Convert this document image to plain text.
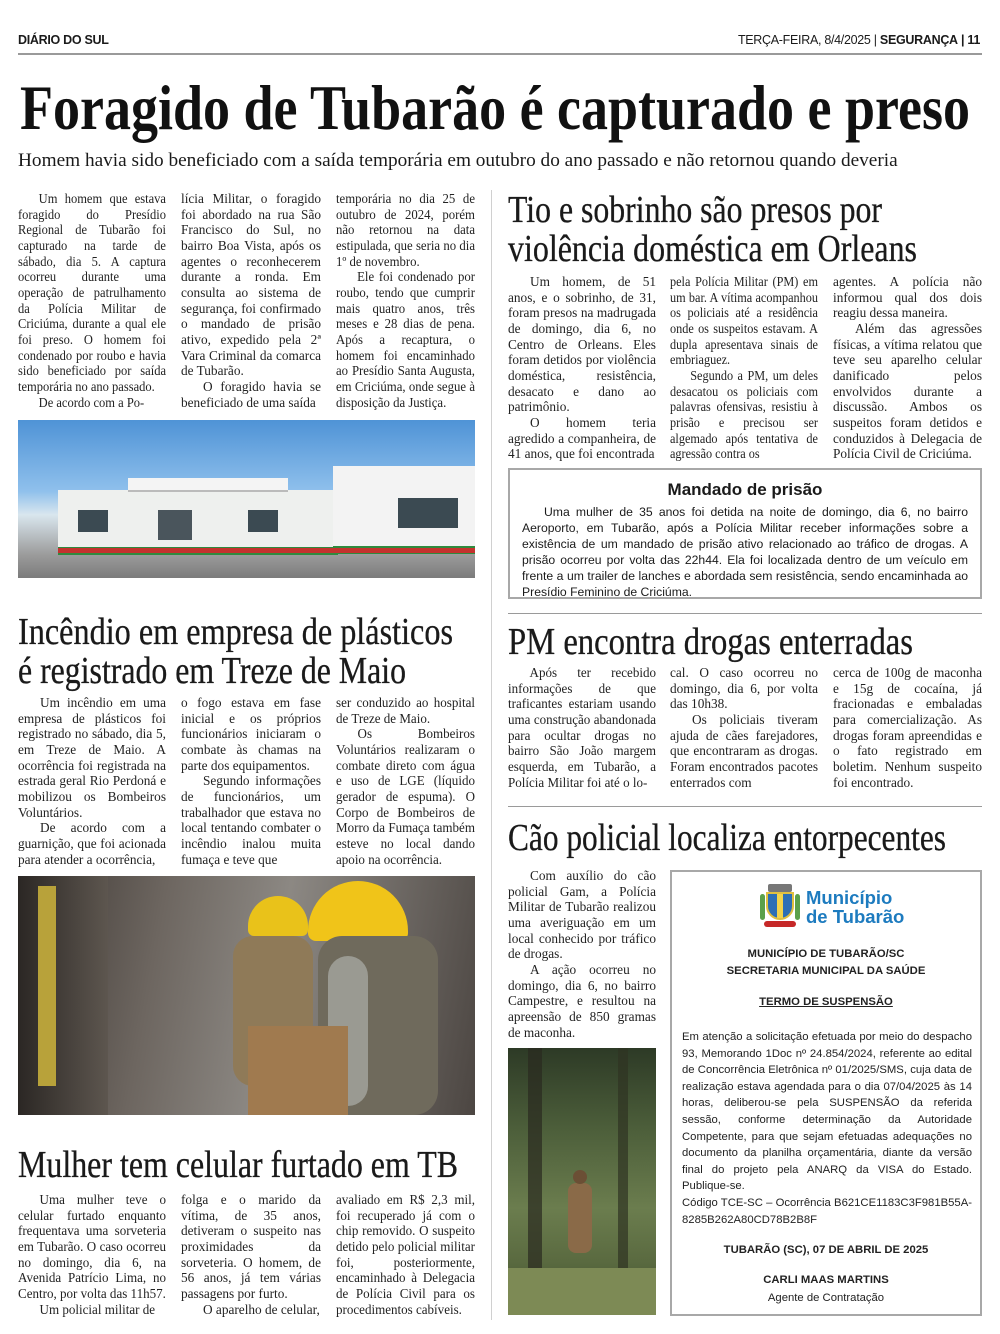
DIÁRIO DO SUL	TERÇA-FEIRA, 8/4/2025 | SEGURANÇA | 11
Foragido de Tubarão é capturado e preso
Homem havia sido beneficiado com a saída temporária em outubro do ano passado e não retornou quando deveria

Um homem que estava foragido do Presídio Regional de Tubarão foi capturado na tarde de sábado, dia 5. A captura ocorreu durante uma operação de patrulhamento da Polícia Militar de Criciúma, durante a qual ele foi preso. O homem foi condenado por roubo e havia sido beneficiado por saída temporária no ano passado.

De acordo com a Po-

lícia Militar, o foragido foi abordado na rua São Francisco do Sul, no bairro Boa Vista, após os agentes o reconhecerem durante a ronda. Em consulta ao sistema de segurança, foi confirmado o mandado de prisão ativo, expedido pela 2ª Vara Criminal da comarca de Tubarão.

O foragido havia se beneficiado de uma saída

temporária no dia 25 de outubro de 2024, porém não retornou na data estipulada, que seria no dia 1º de novembro.

Ele foi condenado por roubo, tendo que cumprir mais quatro anos, três meses e 28 dias de pena. Após a recaptura, o homem foi encaminhado ao Presídio Santa Augusta, em Criciúma, onde segue à disposição da Justiça.

Tio e sobrinho são presos por
violência doméstica em Orleans

Um homem, de 51 anos, e o sobrinho, de 31, foram presos na madrugada de domingo, dia 6, no Centro de Orleans. Eles foram detidos por violência doméstica, resistência, desacato e dano ao patrimônio.

O homem teria agredido a companheira, de 41 anos, que foi encontrada

pela Polícia Militar (PM) em um bar. A vítima acompanhou os policiais até a residência onde os suspeitos estavam. A dupla apresentava sinais de embriaguez.

Segundo a PM, um deles desacatou os policiais com palavras ofensivas, resistiu à prisão e precisou ser algemado após tentativa de agressão contra os

agentes. A polícia não informou qual dos dois reagiu dessa maneira.

Além das agressões físicas, a vítima relatou que teve seu aparelho celular danificado pelos envolvidos durante a discussão. Ambos os suspeitos foram detidos e conduzidos à Delegacia de Polícia Civil de Criciúma.

Mandado de prisão
Uma mulher de 35 anos foi detida na noite de domingo, dia 6, no bairro Aeroporto, em Tubarão, após a Polícia Militar receber informações sobre a existência de um mandado de prisão ativo relacionado ao tráfico de drogas. A prisão ocorreu por volta das 22h44. Ela foi localizada dentro de um veículo em frente a um trailer de lanches e abordada sem resistência, sendo encaminhada ao Presídio Feminino de Criciúma.
Incêndio em empresa de plásticos
é registrado em Treze de Maio

Um incêndio em uma empresa de plásticos foi registrado no sábado, dia 5, em Treze de Maio. A ocorrência foi registrada na estrada geral Rio Perdoná e mobilizou os Bombeiros Voluntários.

De acordo com a guarnição, que foi acionada para atender a ocorrência,

o fogo estava em fase inicial e os próprios funcionários iniciaram o combate às chamas na parte dos equipamentos.

Segundo informações de funcionários, um trabalhador que estava no local tentando combater o incêndio inalou muita fumaça e teve que

ser conduzido ao hospital de Treze de Maio.

Os Bombeiros Voluntários realizaram o combate direto com água e uso de LGE (líquido gerador de espuma). O Corpo de Bombeiros de Morro da Fumaça também esteve no local dando apoio na ocorrência.

Mulher tem celular furtado em TB

Uma mulher teve o celular furtado enquanto frequentava uma sorveteria em Tubarão. O caso ocorreu no domingo, dia 6, na Avenida Patrício Lima, no Centro, por volta das 11h57.

Um policial militar de

folga e o marido da vítima, de 35 anos, detiveram o suspeito nas proximidades da sorveteria. O homem, de 56 anos, já tem várias passagens por furto.

O aparelho de celular,

avaliado em R$ 2,3 mil, foi recuperado já com o chip removido. O suspeito detido pelo policial militar foi, posteriormente, encaminhado à Delegacia de Polícia Civil para os procedimentos cabíveis.

PM encontra drogas enterradas

Após ter recebido informações de que traficantes estariam usando uma construção abandonada para ocultar drogas no bairro São João margem esquerda, em Tubarão, a Polícia Militar foi até o lo-

cal. O caso ocorreu no domingo, dia 6, por volta das 10h38.

Os policiais tiveram ajuda de cães farejadores, que encontraram as drogas. Foram encontrados pacotes enterrados com

cerca de 100g de maconha e 15g de cocaína, já fracionadas e embaladas para comercialização. As drogas foram apreendidas e o fato registrado em boletim. Nenhum suspeito foi encontrado.

Cão policial localiza entorpecentes

Com auxílio do cão policial Gam, a Polícia Militar de Tubarão realizou uma averiguação em um local conhecido por tráfico de drogas.

A ação ocorreu no domingo, dia 6, no bairro Campestre, e resultou na apreensão de 850 gramas de maconha.

Município
de Tubarão
MUNICÍPIO DE TUBARÃO/SC
SECRETARIA MUNICIPAL DA SAÚDE
TERMO DE SUSPENSÃO
Em atenção a solicitação efetuada por meio do despacho 93, Memorando 1Doc nº 24.854/2024, referente ao edital de Concorrência Eletrônica nº 01/2025/SMS, cuja data de realização estava agendada para o dia 07/04/2025 às 14 horas, deliberou-se pela SUSPENSÃO da referida sessão, conforme determinação da Autoridade Competente, para que sejam efetuadas adequações no documento da planilha orçamentária, diante da versão final do projeto pela ANARQ da VISA do Estado. Publique-se.
Código TCE-SC – Ocorrência B621CE1183C3F981B55A-8285B262A80CD78B2B8F
TUBARÃO (SC), 07 DE ABRIL DE 2025
CARLI MAAS MARTINS
Agente de Contratação
